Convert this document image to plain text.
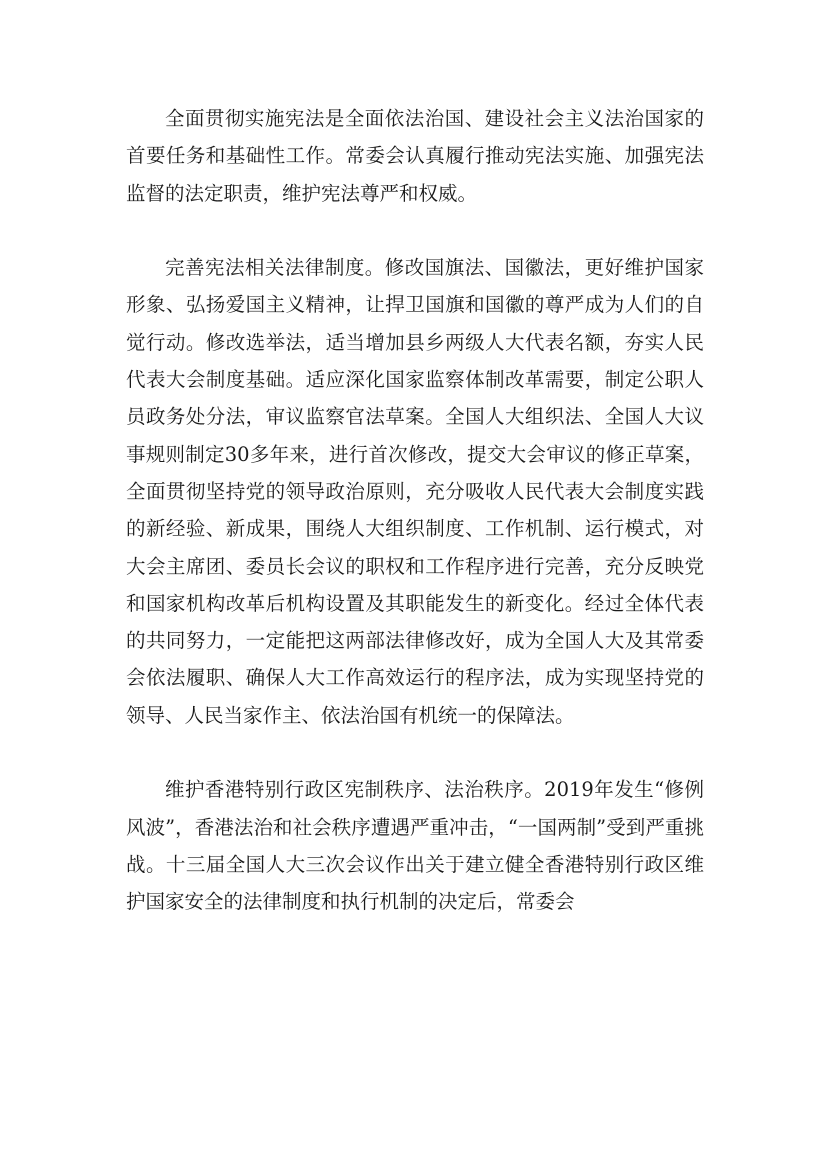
全面贯彻实施宪法是全面依法治国、建设社会主义法治国家的首要任务和基础性工作。常委会认真履行推动宪法实施、加强宪法监督的法定职责，维护宪法尊严和权威。

完善宪法相关法律制度。修改国旗法、国徽法，更好维护国家形象、弘扬爱国主义精神，让捍卫国旗和国徽的尊严成为人们的自觉行动。修改选举法，适当增加县乡两级人大代表名额，夯实人民代表大会制度基础。适应深化国家监察体制改革需要，制定公职人员政务处分法，审议监察官法草案。全国人大组织法、全国人大议事规则制定30多年来，进行首次修改，提交大会审议的修正草案，全面贯彻坚持党的领导政治原则，充分吸收人民代表大会制度实践的新经验、新成果，围绕人大组织制度、工作机制、运行模式，对大会主席团、委员长会议的职权和工作程序进行完善，充分反映党和国家机构改革后机构设置及其职能发生的新变化。经过全体代表的共同努力，一定能把这两部法律修改好，成为全国人大及其常委会依法履职、确保人大工作高效运行的程序法，成为实现坚持党的领导、人民当家作主、依法治国有机统一的保障法。

维护香港特别行政区宪制秩序、法治秩序。2019年发生“修例风波”，香港法治和社会秩序遭遇严重冲击，“一国两制”受到严重挑战。十三届全国人大三次会议作出关于建立健全香港特别行政区维护国家安全的法律制度和执行机制的决定后，常委会
